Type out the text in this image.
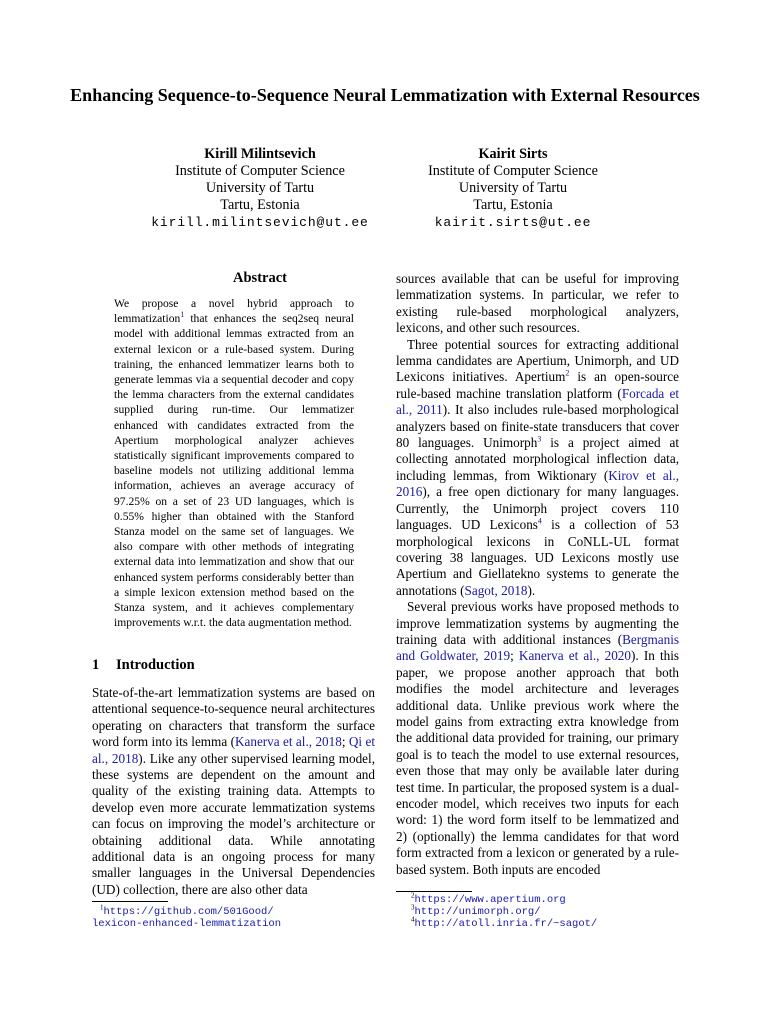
Enhancing Sequence-to-Sequence Neural Lemmatization with External Resources
Kirill Milintsevich
Institute of Computer Science
University of Tartu
Tartu, Estonia
kirill.milintsevich@ut.ee
Kairit Sirts
Institute of Computer Science
University of Tartu
Tartu, Estonia
kairit.sirts@ut.ee
Abstract
We propose a novel hybrid approach to lemmatization$^1$ that enhances the seq2seq neural model with additional lemmas extracted from an external lexicon or a rule-based system. During training, the enhanced lemmatizer learns both to generate lemmas via a sequential decoder and copy the lemma characters from the external candidates supplied during run-time. Our lemmatizer enhanced with candidates extracted from the Apertium morphological analyzer achieves statistically significant improvements compared to baseline models not utilizing additional lemma information, achieves an average accuracy of 97.25% on a set of 23 UD languages, which is 0.55% higher than obtained with the Stanford Stanza model on the same set of languages. We also compare with other methods of integrating external data into lemmatization and show that our enhanced system performs considerably better than a simple lexicon extension method based on the Stanza system, and it achieves complementary improvements w.r.t. the data augmentation method.
1 Introduction

State-of-the-art lemmatization systems are based on attentional sequence-to-sequence neural architectures operating on characters that transform the surface word form into its lemma (Kanerva et al., 2018; Qi et al., 2018). Like any other supervised learning model, these systems are dependent on the amount and quality of the existing training data. Attempts to develop even more accurate lemmatization systems can focus on improving the model’s architecture or obtaining additional data. While annotating additional data is an ongoing process for many smaller languages in the Universal Dependencies (UD) collection, there are also other data

sources available that can be useful for improving lemmatization systems. In particular, we refer to existing rule-based morphological analyzers, lexicons, and other such resources.

Three potential sources for extracting additional lemma candidates are Apertium, Unimorph, and UD Lexicons initiatives. Apertium$^2$ is an open-source rule-based machine translation platform (Forcada et al., 2011). It also includes rule-based morphological analyzers based on finite-state transducers that cover 80 languages. Unimorph$^3$ is a project aimed at collecting annotated morphological inflection data, including lemmas, from Wiktionary (Kirov et al., 2016), a free open dictionary for many languages. Currently, the Unimorph project covers 110 languages. UD Lexicons$^4$ is a collection of 53 morphological lexicons in CoNLL-UL format covering 38 languages. UD Lexicons mostly use Apertium and Giellatekno systems to generate the annotations (Sagot, 2018).

Several previous works have proposed methods to improve lemmatization systems by augmenting the training data with additional instances (Bergmanis and Goldwater, 2019; Kanerva et al., 2020). In this paper, we propose another approach that both modifies the model architecture and leverages additional data. Unlike previous work where the model gains from extracting extra knowledge from the additional data provided for training, our primary goal is to teach the model to use external resources, even those that may only be available later during test time. In particular, the proposed system is a dual-encoder model, which receives two inputs for each word: 1) the word form itself to be lemmatized and 2) (optionally) the lemma candidates for that word form extracted from a lexicon or generated by a rule-based system. Both inputs are encoded

$^1$https://github.com/501Good/
lexicon-enhanced-lemmatization
$^2$https://www.apertium.org
$^3$http://unimorph.org/
$^4$http://atoll.inria.fr/~sagot/
